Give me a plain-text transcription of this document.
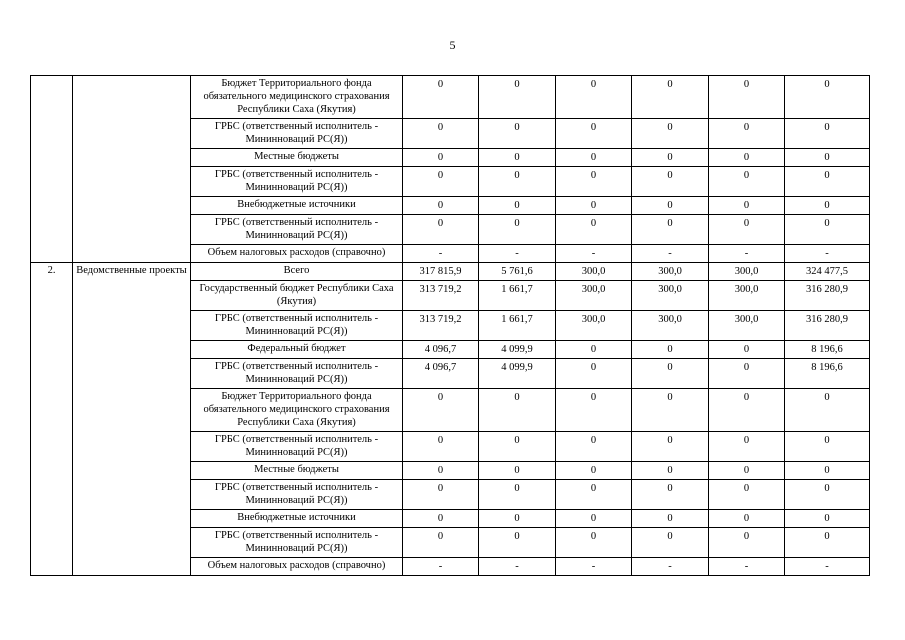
5
		Бюджет Территориального фонда обязательного медицинского страхования Республики Саха (Якутия)	0	0	0	0	0	0
		ГРБС (ответственный исполнитель - Мининноваций РС(Я))	0	0	0	0	0	0
		Местные бюджеты	0	0	0	0	0	0
		ГРБС (ответственный исполнитель - Мининноваций РС(Я))	0	0	0	0	0	0
		Внебюджетные источники	0	0	0	0	0	0
		ГРБС (ответственный исполнитель - Мининноваций РС(Я))	0	0	0	0	0	0
		Объем налоговых расходов (справочно)	-	-	-	-	-	-
2.	Ведомственные проекты	Всего	317 815,9	5 761,6	300,0	300,0	300,0	324 477,5
		Государственный бюджет Республики Саха (Якутия)	313 719,2	1 661,7	300,0	300,0	300,0	316 280,9
		ГРБС (ответственный исполнитель - Мининноваций РС(Я))	313 719,2	1 661,7	300,0	300,0	300,0	316 280,9
		Федеральный бюджет	4 096,7	4 099,9	0	0	0	8 196,6
		ГРБС (ответственный исполнитель - Мининноваций РС(Я))	4 096,7	4 099,9	0	0	0	8 196,6
		Бюджет Территориального фонда обязательного медицинского страхования Республики Саха (Якутия)	0	0	0	0	0	0
		ГРБС (ответственный исполнитель - Мининноваций РС(Я))	0	0	0	0	0	0
		Местные бюджеты	0	0	0	0	0	0
		ГРБС (ответственный исполнитель - Мининноваций РС(Я))	0	0	0	0	0	0
		Внебюджетные источники	0	0	0	0	0	0
		ГРБС (ответственный исполнитель - Мининноваций РС(Я))	0	0	0	0	0	0
		Объем налоговых расходов (справочно)	-	-	-	-	-	-
